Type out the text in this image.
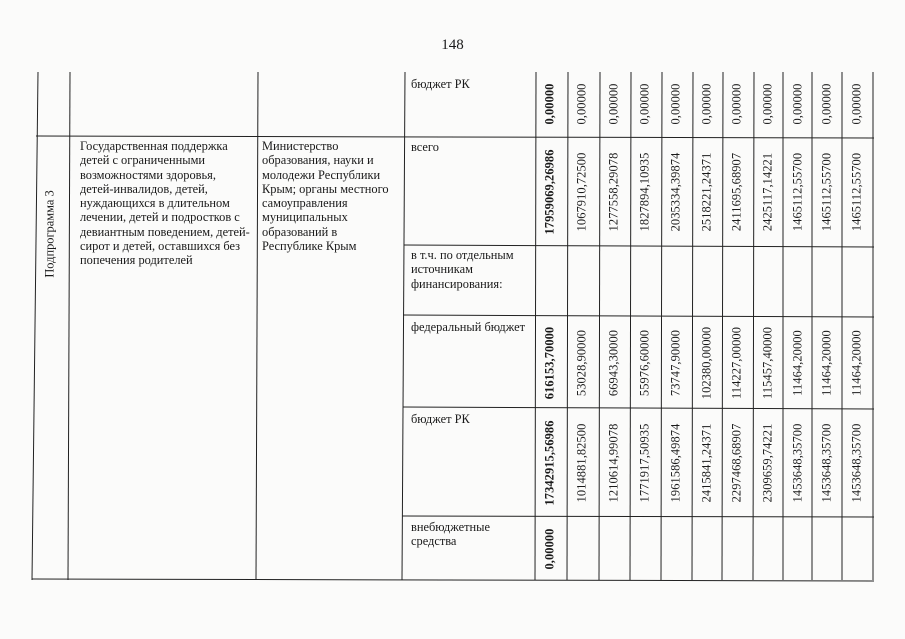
148
Подпрограмма 3
Государственная поддержка детей с ограниченными возможностями здоровья, детей-инвалидов, детей, нуждающихся в длительном лечении, детей и подростков с девиантным поведением, детей-сирот и детей, оставшихся без попечения родителей
Министерство образования, науки и молодежи Республики Крым; органы местного самоуправления муниципальных образований в Республике Крым
бюджет РК
всего
в т.ч. по отдельным источникам финансирования:
федеральный бюджет
бюджет РК
внебюджетные средства
0,00000 0,00000 0,00000 0,00000 0,00000 0,00000 0,00000 0,00000 0,00000 0,00000 0,00000
17959069,26986 1067910,72500 1277558,29078 1827894,10935 2035334,39874 2518221,24371 2411695,68907 2425117,14221 1465112,55700 1465112,55700 1465112,55700
616153,70000 53028,90000 66943,30000 55976,60000 73747,90000 102380,00000 114227,00000 115457,40000 11464,20000 11464,20000 11464,20000
17342915,56986 1014881,82500 1210614,99078 1771917,50935 1961586,49874 2415841,24371 2297468,68907 2309659,74221 1453648,35700 1453648,35700 1453648,35700
0,00000
